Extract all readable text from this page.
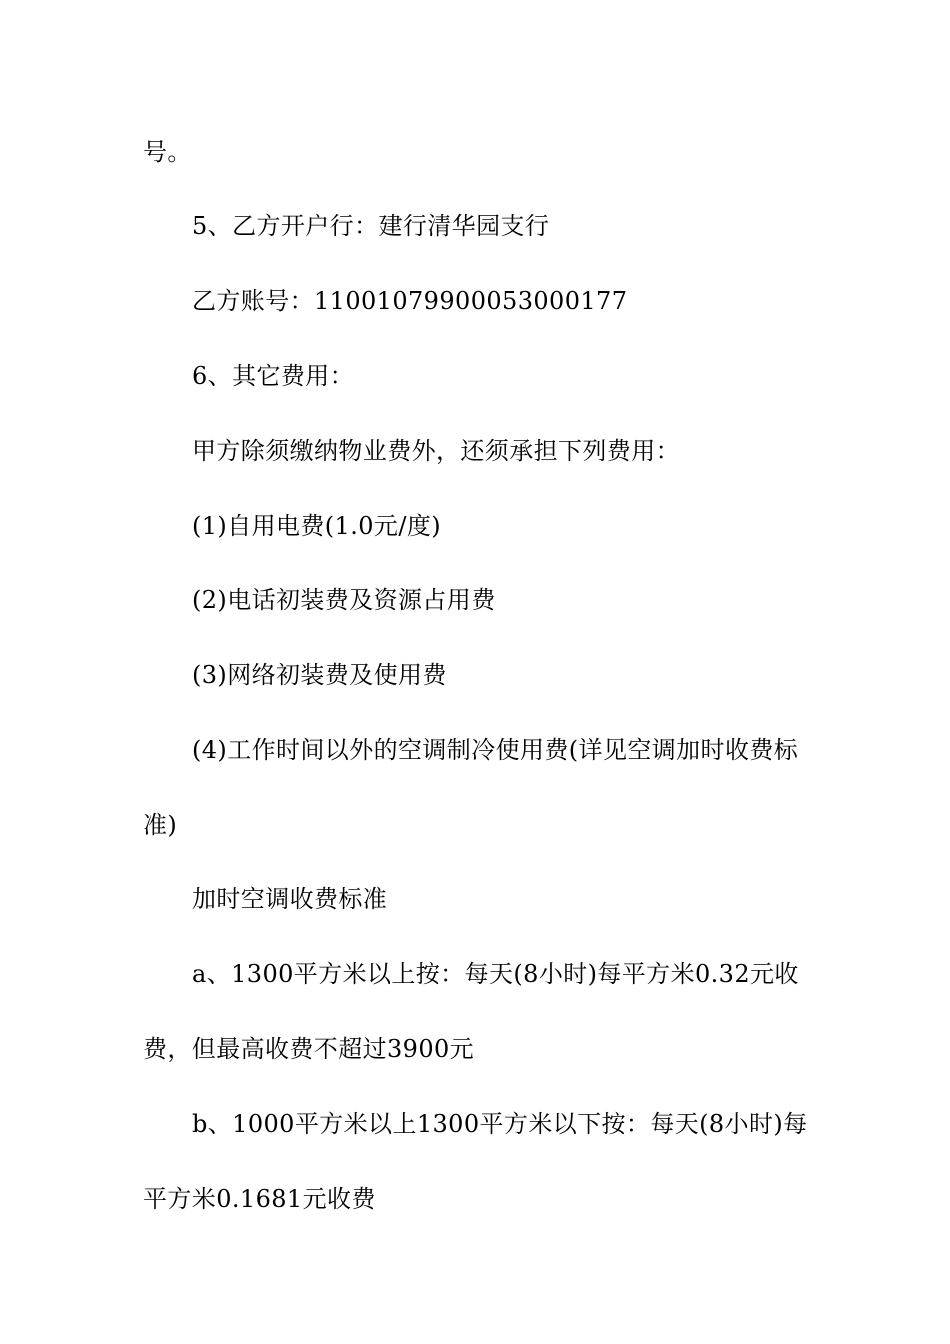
号。
5、乙方开户行：建行清华园支行
乙方账号：11001079900053000177
6、其它费用：
甲方除须缴纳物业费外，还须承担下列费用：
(1)自用电费(1.0元/度)
(2)电话初装费及资源占用费
(3)网络初装费及使用费
(4)工作时间以外的空调制冷使用费(详见空调加时收费标
准)
加时空调收费标准
a、1300平方米以上按：每天(8小时)每平方米0.32元收
费，但最高收费不超过3900元
b、1000平方米以上1300平方米以下按：每天(8小时)每
平方米0.1681元收费
